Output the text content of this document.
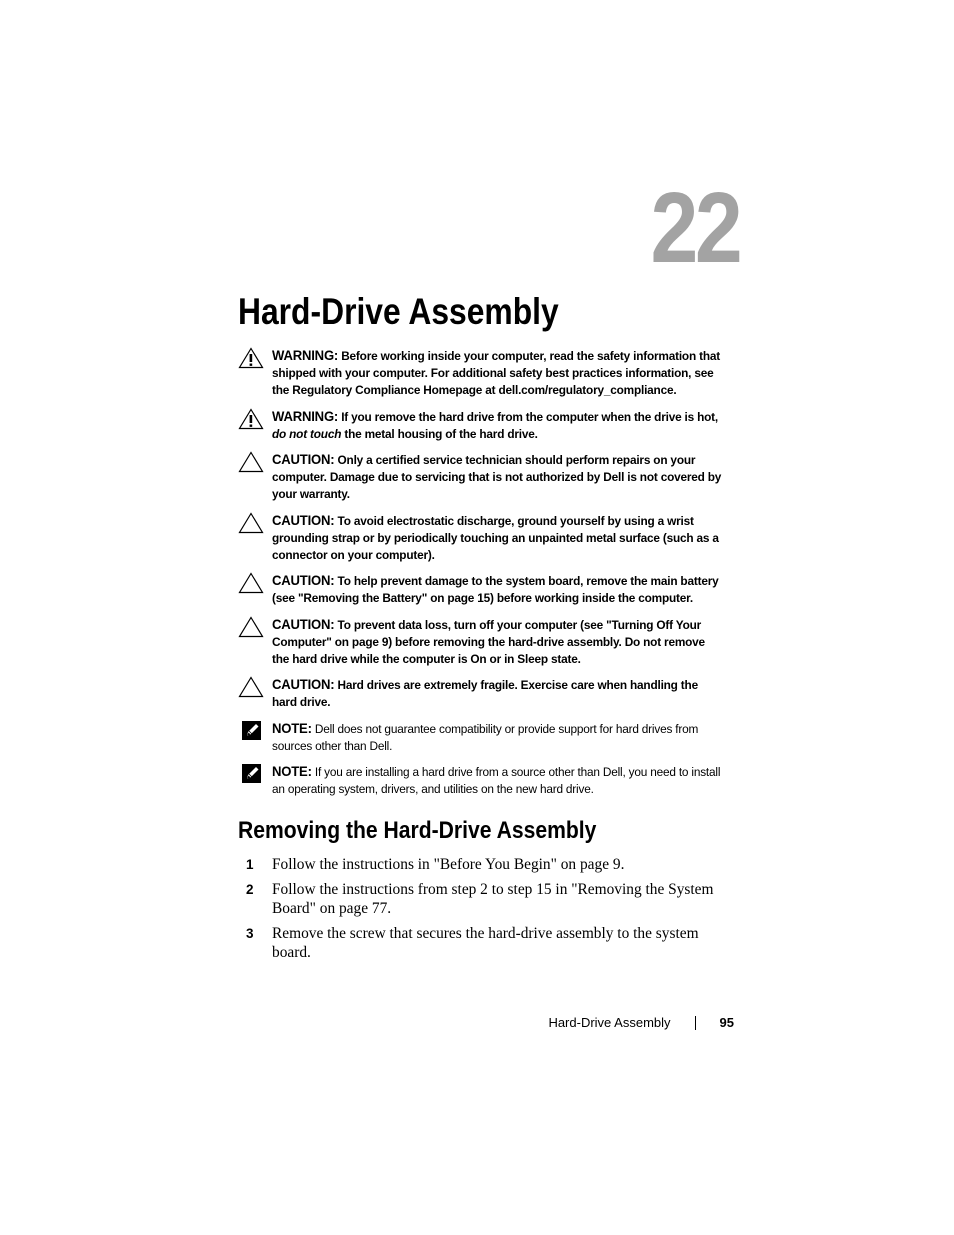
22
Hard-Drive Assembly
WARNING: Before working inside your computer, read the safety information that shipped with your computer. For additional safety best practices information, see the Regulatory Compliance Homepage at dell.com/regulatory_compliance.
WARNING: If you remove the hard drive from the computer when the drive is hot, do not touch the metal housing of the hard drive.
CAUTION: Only a certified service technician should perform repairs on your computer. Damage due to servicing that is not authorized by Dell is not covered by your warranty.
CAUTION: To avoid electrostatic discharge, ground yourself by using a wrist grounding strap or by periodically touching an unpainted metal surface (such as a connector on your computer).
CAUTION: To help prevent damage to the system board, remove the main battery (see "Removing the Battery" on page 15) before working inside the computer.
CAUTION: To prevent data loss, turn off your computer (see "Turning Off Your Computer" on page 9) before removing the hard-drive assembly. Do not remove the hard drive while the computer is On or in Sleep state.
CAUTION: Hard drives are extremely fragile. Exercise care when handling the hard drive.
NOTE: Dell does not guarantee compatibility or provide support for hard drives from sources other than Dell.
NOTE: If you are installing a hard drive from a source other than Dell, you need to install an operating system, drivers, and utilities on the new hard drive.
Removing the Hard-Drive Assembly
1 Follow the instructions in "Before You Begin" on page 9.
2 Follow the instructions from step 2 to step 15 in "Removing the System Board" on page 77.
3 Remove the screw that secures the hard-drive assembly to the system board.
Hard-Drive Assembly	95
